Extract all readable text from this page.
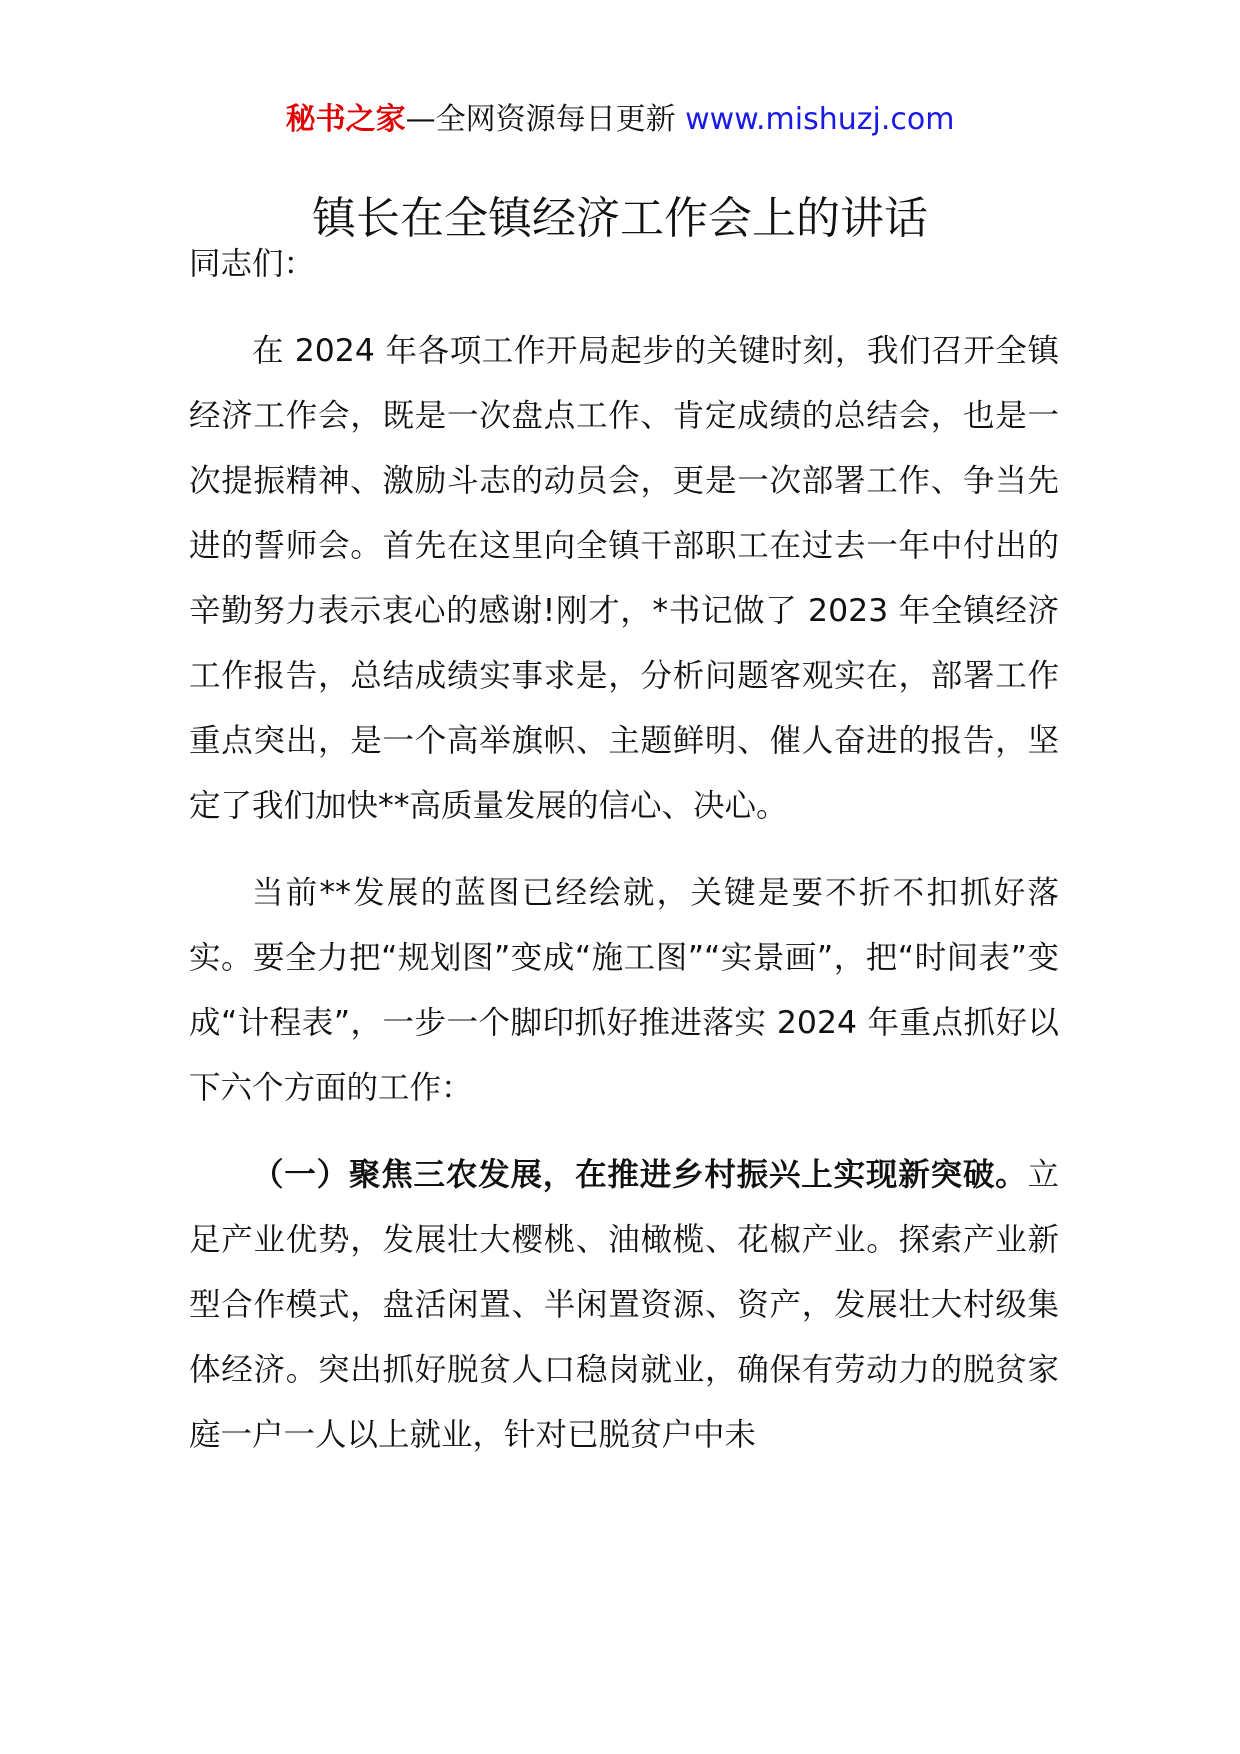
秘书之家—全网资源每日更新 www.mishuzj.com
镇长在全镇经济工作会上的讲话

同志们：

在 2024 年各项工作开局起步的关键时刻，我们召开全镇经济工作会，既是一次盘点工作、肯定成绩的总结会，也是一次提振精神、激励斗志的动员会，更是一次部署工作、争当先进的誓师会。首先在这里向全镇干部职工在过去一年中付出的辛勤努力表示衷心的感谢!刚才，*书记做了 2023 年全镇经济工作报告，总结成绩实事求是，分析问题客观实在，部署工作重点突出，是一个高举旗帜、主题鲜明、催人奋进的报告，坚定了我们加快**高质量发展的信心、决心。

当前**发展的蓝图已经绘就，关键是要不折不扣抓好落实。要全力把“规划图”变成“施工图”“实景画”，把“时间表”变成“计程表”，一步一个脚印抓好推进落实 2024 年重点抓好以下六个方面的工作：

（一）聚焦三农发展，在推进乡村振兴上实现新突破。立足产业优势，发展壮大樱桃、油橄榄、花椒产业。探索产业新型合作模式，盘活闲置、半闲置资源、资产，发展壮大村级集体经济。突出抓好脱贫人口稳岗就业，确保有劳动力的脱贫家庭一户一人以上就业，针对已脱贫户中未
